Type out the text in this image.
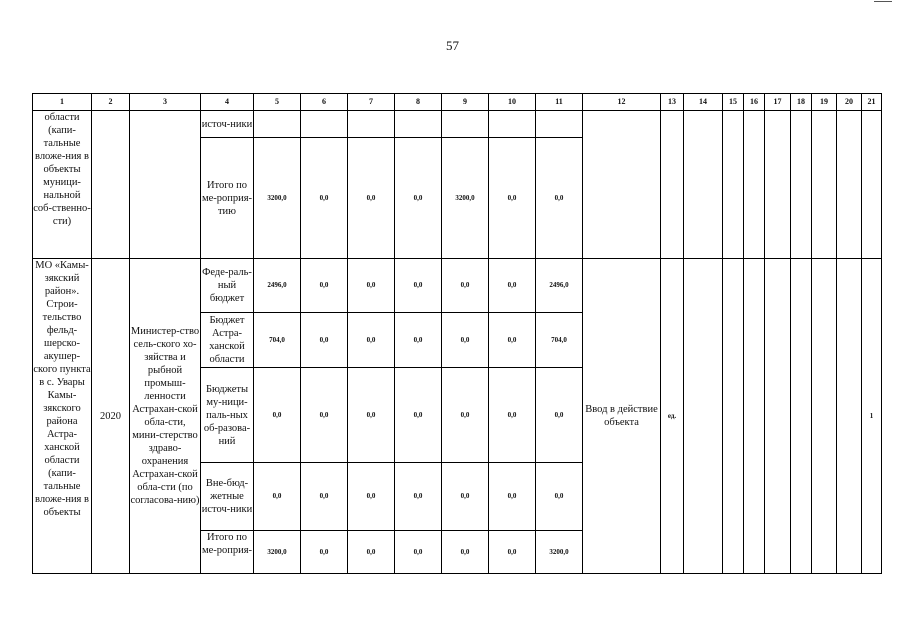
57
1	2	3	4	5	6	7	8	9	10	11	12	13	14	15	16	17	18	19	20	21
области (капи-тальные вложе-ния в объекты муници-нальной соб-ственно-сти)			источ-ники																	
			Итого по ме-роприя-тию	3200,0	0,0	0,0	0,0	3200,0	0,0	0,0										
МО «Камы-зякский район». Строи-тельство фельд-шерско-акушер-ского пункта в с. Увары Камы-зякского района Астра-ханской области (капи-тальные вложе-ния в объекты	2020	Министер-ство сель-ского хо-зяйства и рыбной промыш-ленности Астрахан-ской обла-сти, мини-стерство здраво-охранения Астрахан-ской обла-сти (по согласова-нию)	Феде-раль-ный бюджет	2496,0	0,0	0,0	0,0	0,0	0,0	2496,0	Ввод в действие объекта	ед.								1
			Бюджет Астра-ханской области	704,0	0,0	0,0	0,0	0,0	0,0	704,0										
			Бюджеты му-ници-паль-ных об-разова-ний	0,0	0,0	0,0	0,0	0,0	0,0	0,0										
			Вне-бюд-жетные источ-ники	0,0	0,0	0,0	0,0	0,0	0,0	0,0										
			Итого по ме-роприя-	3200,0	0,0	0,0	0,0	0,0	0,0	3200,0										
